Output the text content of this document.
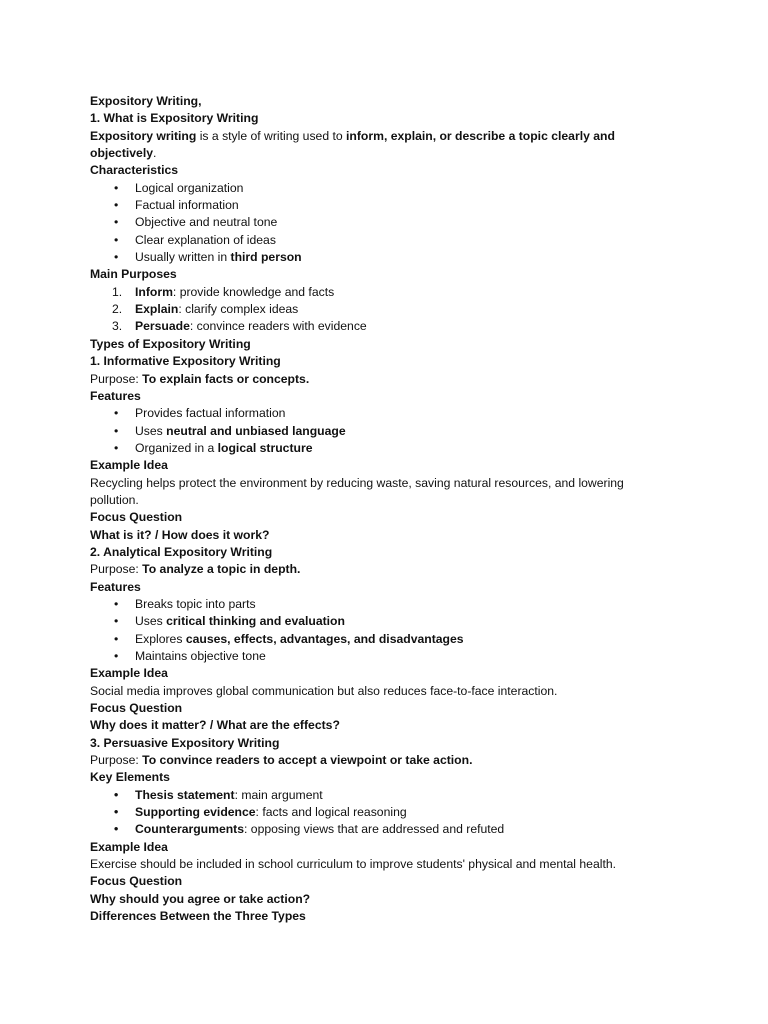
Expository Writing,
1. What is Expository Writing
Expository writing is a style of writing used to inform, explain, or describe a topic clearly and
objectively.
Characteristics
• Logical organization
• Factual information
• Objective and neutral tone
• Clear explanation of ideas
• Usually written in third person
Main Purposes
1. Inform: provide knowledge and facts
2. Explain: clarify complex ideas
3. Persuade: convince readers with evidence
Types of Expository Writing
1. Informative Expository Writing
Purpose: To explain facts or concepts.
Features
• Provides factual information
• Uses neutral and unbiased language
• Organized in a logical structure
Example Idea
Recycling helps protect the environment by reducing waste, saving natural resources, and lowering
pollution.
Focus Question
What is it? / How does it work?
2. Analytical Expository Writing
Purpose: To analyze a topic in depth.
Features
• Breaks topic into parts
• Uses critical thinking and evaluation
• Explores causes, effects, advantages, and disadvantages
• Maintains objective tone
Example Idea
Social media improves global communication but also reduces face-to-face interaction.
Focus Question
Why does it matter? / What are the effects?
3. Persuasive Expository Writing
Purpose: To convince readers to accept a viewpoint or take action.
Key Elements
• Thesis statement: main argument
• Supporting evidence: facts and logical reasoning
• Counterarguments: opposing views that are addressed and refuted
Example Idea
Exercise should be included in school curriculum to improve students' physical and mental health.
Focus Question
Why should you agree or take action?
Differences Between the Three Types
